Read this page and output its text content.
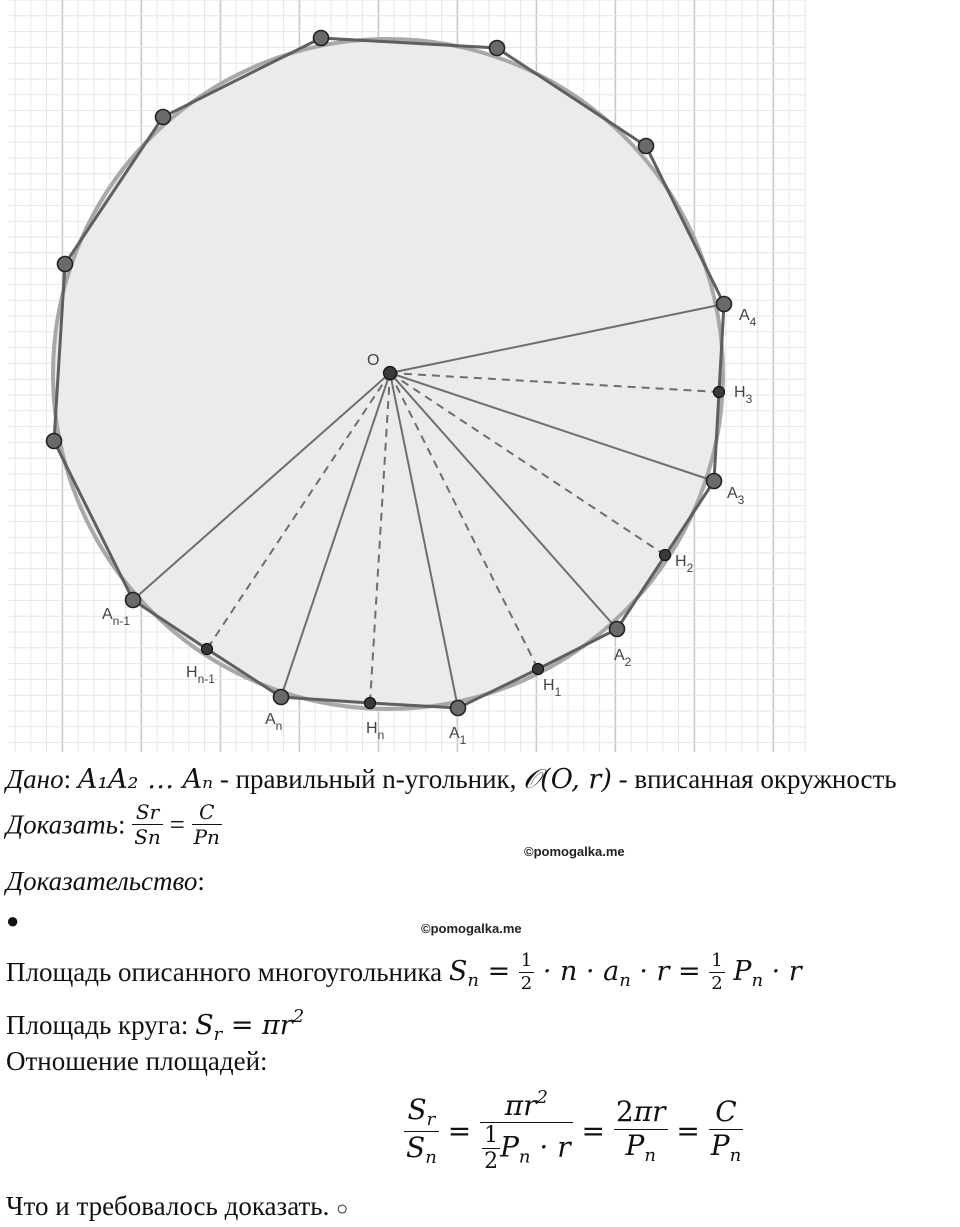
O
$A_4$
$H_3$
$A_3$
$H_2$
$A_2$
$H_1$
$A_1$
$H_n$
$A_n$
$H_{n-1}$
$A_{n-1}$
Дано: A₁A₂ … Aₙ - правильный n-угольник, 𝒪(O, r) - вписанная окружность
Доказать: $\frac{Sr}{Sn} = \frac{C}{Pn}$
©pomogalka.me
Доказательство:
●	©pomogalka.me
Площадь описанного многоугольника $S_n = \frac{1}{2} \cdot n \cdot a_n \cdot r = \frac{1}{2} P_n \cdot r$
Площадь круга: $S_r = \pi r^2$
Отношение площадей:
$\frac{S_r}{S_n} = \frac{\pi r^2}{\frac{1}{2} P_n \cdot r} = \frac{2\pi r}{P_n} = \frac{C}{P_n}$
Что и требовалось доказать. ○
